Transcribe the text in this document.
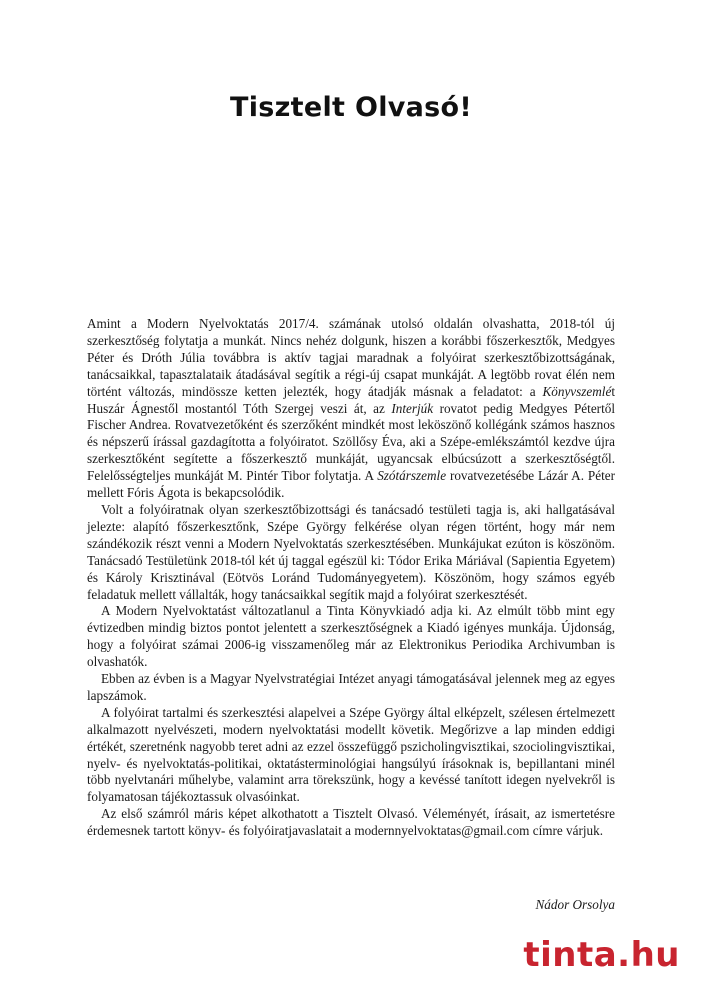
Tisztelt Olvasó!

Amint a Modern Nyelvoktatás 2017/4. számának utolsó oldalán olvashatta, 2018-tól új szerkesztőség folytatja a munkát. Nincs nehéz dolgunk, hiszen a korábbi főszerkesztők, Medgyes Péter és Dróth Júlia továbbra is aktív tagjai maradnak a folyóirat szerkesztőbizottságának, tanácsaikkal, tapasztalataik átadásával segítik a régi-új csapat munkáját. A legtöbb rovat élén nem történt változás, mindössze ketten jelezték, hogy átadják másnak a feladatot: a Könyvszemlét Huszár Ágnestől mostantól Tóth Szergej veszi át, az Interjúk rovatot pedig Medgyes Pétertől Fischer Andrea. Rovatvezetőként és szerzőként mindkét most leköszönő kollégánk számos hasznos és népszerű írással gazdagította a folyóiratot. Szöllősy Éva, aki a Szépe-emlékszámtól kezdve újra szerkesztőként segítette a főszerkesztő munkáját, ugyancsak elbúcsúzott a szerkesztőségtől. Felelősségteljes munkáját M. Pintér Tibor folytatja. A Szótárszemle rovatvezetésébe Lázár A. Péter mellett Fóris Ágota is bekapcsolódik.

Volt a folyóiratnak olyan szerkesztőbizottsági és tanácsadó testületi tagja is, aki hallgatásával jelezte: alapító főszerkesztőnk, Szépe György felkérése olyan régen történt, hogy már nem szándékozik részt venni a Modern Nyelvoktatás szerkesztésében. Munkájukat ezúton is köszönöm. Tanácsadó Testületünk 2018-tól két új taggal egészül ki: Tódor Erika Máriával (Sapientia Egyetem) és Károly Krisztinával (Eötvös Loránd Tudományegyetem). Köszönöm, hogy számos egyéb feladatuk mellett vállalták, hogy tanácsaikkal segítik majd a folyóirat szerkesztését.

A Modern Nyelvoktatást változatlanul a Tinta Könyvkiadó adja ki. Az elmúlt több mint egy évtizedben mindig biztos pontot jelentett a szerkesztőségnek a Kiadó igényes munkája. Újdonság, hogy a folyóirat számai 2006-ig visszamenőleg már az Elektronikus Periodika Archivumban is olvashatók.

Ebben az évben is a Magyar Nyelvstratégiai Intézet anyagi támogatásával jelennek meg az egyes lapszámok.

A folyóirat tartalmi és szerkesztési alapelvei a Szépe György által elképzelt, szélesen értelmezett alkalmazott nyelvészeti, modern nyelvoktatási modellt követik. Megőrizve a lap minden eddigi értékét, szeretnénk nagyobb teret adni az ezzel összefüggő pszicholingvisztikai, szociolingvisztikai, nyelv- és nyelvoktatás-politikai, oktatásterminológiai hangsúlyú írásoknak is, bepillantani minél több nyelvtanári műhelybe, valamint arra törekszünk, hogy a kevéssé tanított idegen nyelvekről is folyamatosan tájékoztassuk olvasóinkat.

Az első számról máris képet alkothatott a Tisztelt Olvasó. Véleményét, írásait, az ismertetésre érdemesnek tartott könyv- és folyóiratjavaslatait a modernnyelvoktatas@gmail.com címre várjuk.

Nádor Orsolya
tinta.hu
